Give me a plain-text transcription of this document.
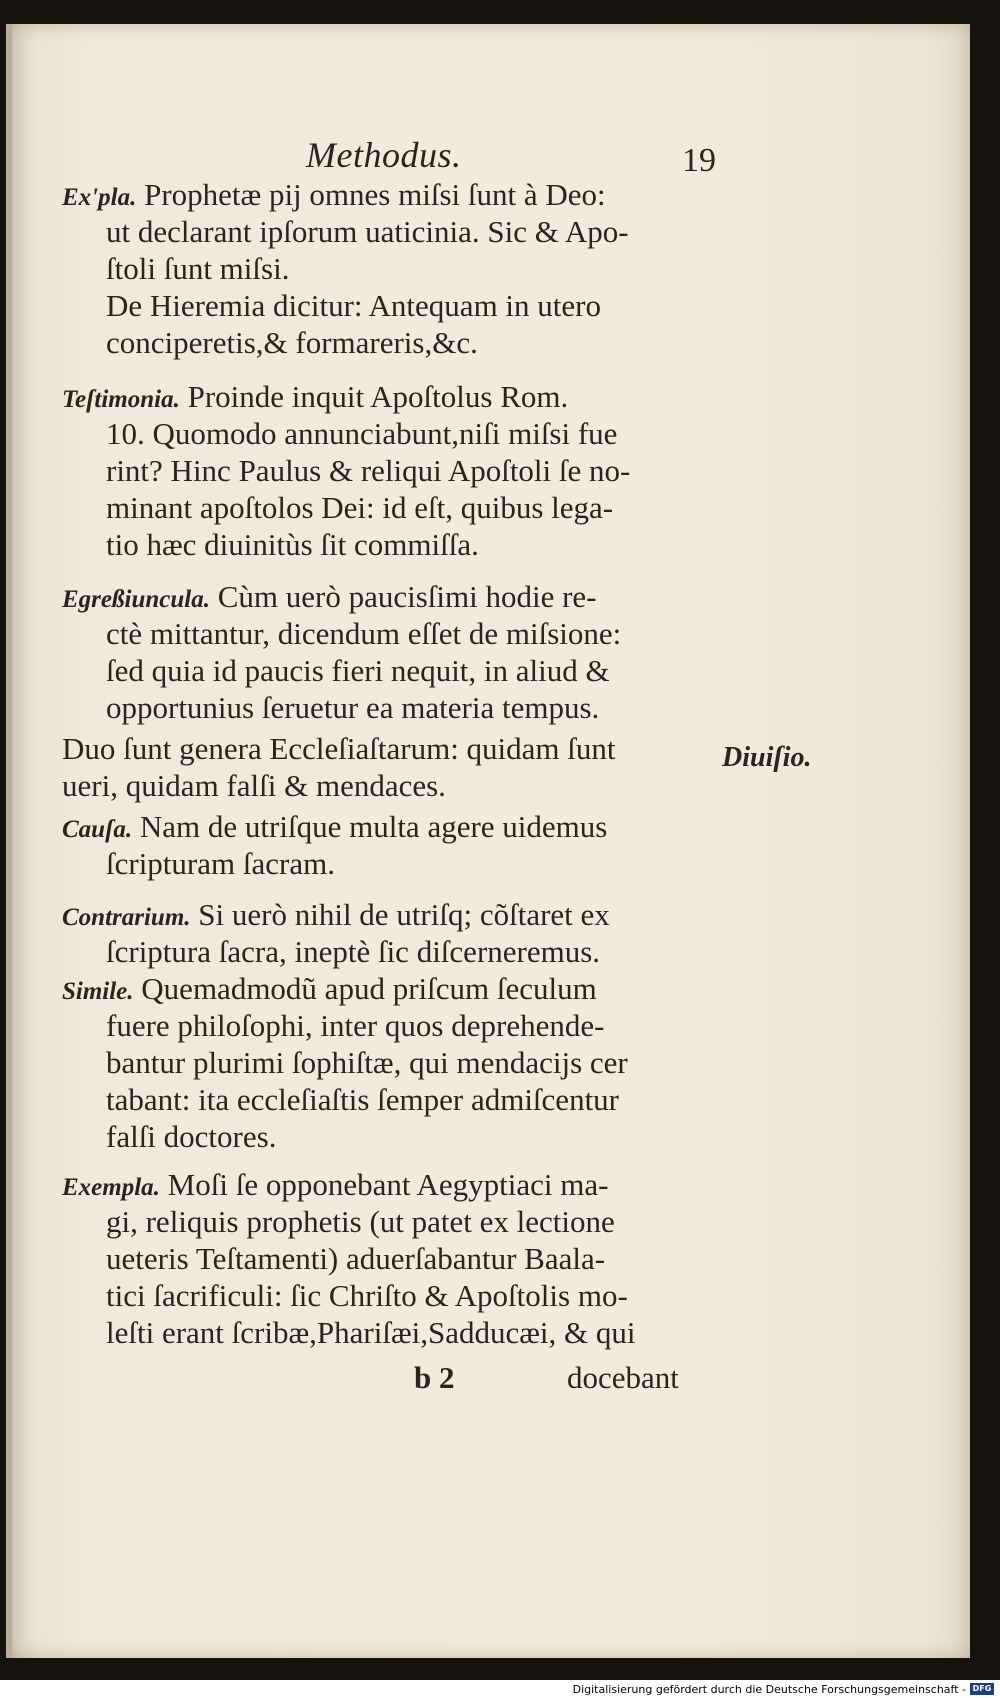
Methodus.	19
Ex'pla. Prophetæ pij omnes miſsi ſunt à Deo:
ut declarant ipſorum uaticinia. Sic & Apo-
ſtoli ſunt miſsi.
De Hieremia dicitur: Antequam in utero
conciperetis,& formareris,&c.
Teſtimonia. Proinde inquit Apoſtolus Rom.
10. Quomodo annunciabunt,niſi miſsi fue
rint? Hinc Paulus & reliqui Apoſtoli ſe no-
minant apoſtolos Dei: id eſt, quibus lega-
tio hæc diuinitùs ſit commiſſa.
Egreßiuncula. Cùm uerò paucisſimi hodie re-
ctè mittantur, dicendum eſſet de miſsione:
ſed quia id paucis fieri nequit, in aliud &
opportunius ſeruetur ea materia tempus.
Duo ſunt genera Eccleſiaſtarum: quidam ſunt
ueri, quidam falſi & mendaces.
Diuiſio.
Cauſa. Nam de utriſque multa agere uidemus
ſcripturam ſacram.
Contrarium. Si uerò nihil de utriſq; cõſtaret ex
ſcriptura ſacra, ineptè ſic diſcerneremus.
Simile. Quemadmodũ apud priſcum ſeculum
fuere philoſophi, inter quos deprehende-
bantur plurimi ſophiſtæ, qui mendacijs cer
tabant: ita eccleſiaſtis ſemper admiſcentur
falſi doctores.
Exempla. Moſi ſe opponebant Aegyptiaci ma-
gi, reliquis prophetis (ut patet ex lectione
ueteris Teſtamenti) aduerſabantur Baala-
tici ſacrificuli: ſic Chriſto & Apoſtolis mo-
leſti erant ſcribæ,Phariſæi,Sadducæi, & qui
b 2	docebant
Digitalisierung gefördert durch die Deutsche Forschungsgemeinschaft - DFG
